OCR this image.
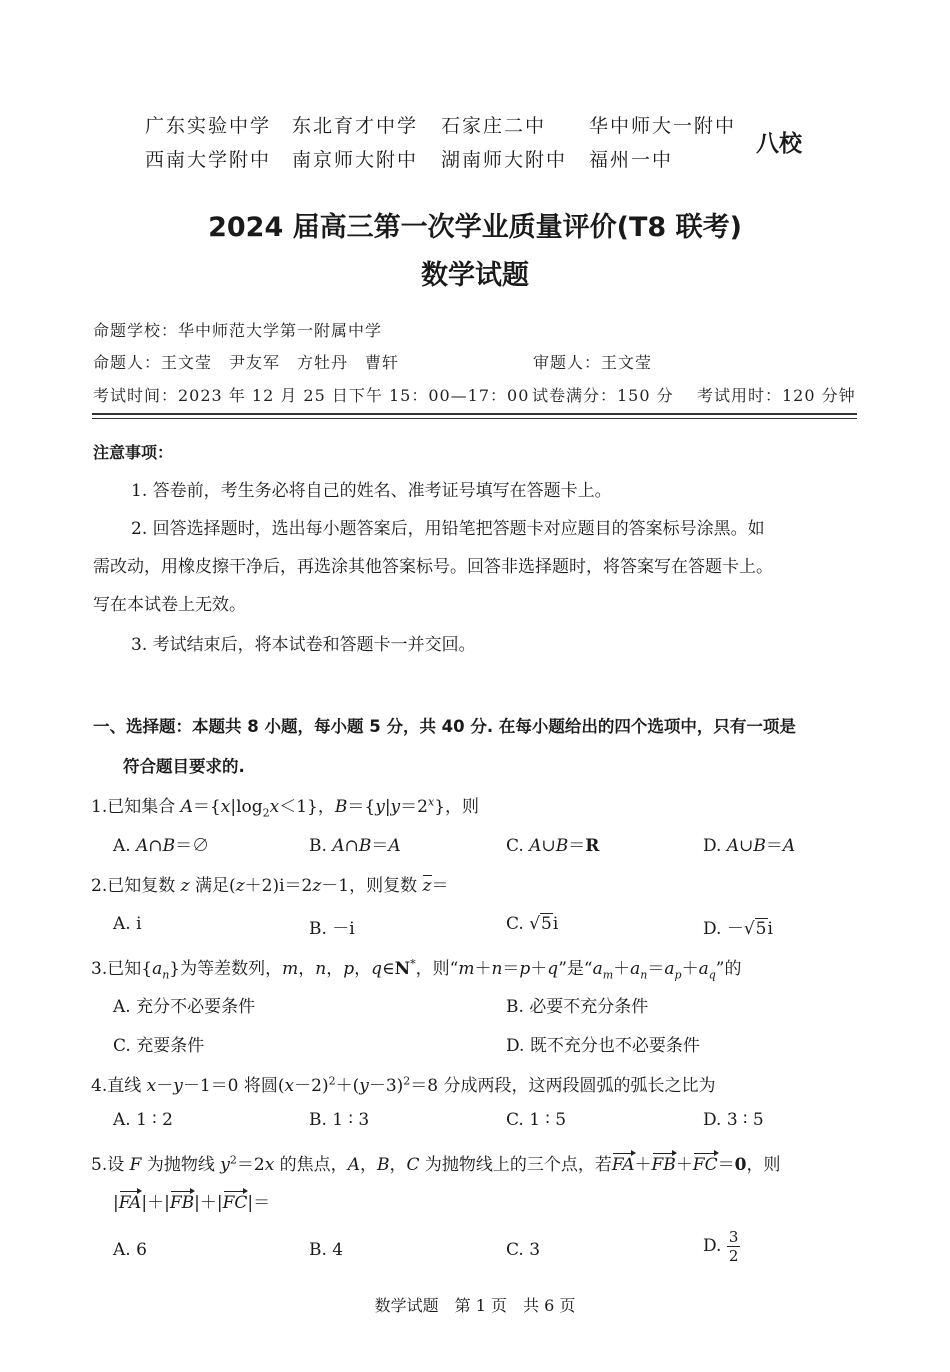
广东实验中学 东北育才中学 石家庄二中 华中师大一附中
西南大学附中 南京师大附中 湖南师大附中 福州一中
八校
2024 届高三第一次学业质量评价(T8 联考)
数学试题
命题学校：华中师范大学第一附属中学
命题人：王文莹　尹友军　方牡丹　曹轩	审题人：王文莹
考试时间：2023 年 12 月 25 日下午 15：00—17：00 试卷满分：150 分 考试用时：120 分钟
注意事项：
1. 答卷前，考生务必将自己的姓名、准考证号填写在答题卡上。
2. 回答选择题时，选出每小题答案后，用铅笔把答题卡对应题目的答案标号涂黑。如
需改动，用橡皮擦干净后，再选涂其他答案标号。回答非选择题时，将答案写在答题卡上。
写在本试卷上无效。
3. 考试结束后，将本试卷和答题卡一并交回。
一、选择题：本题共 8 小题，每小题 5 分，共 40 分. 在每小题给出的四个选项中，只有一项是
符合题目要求的.
1.已知集合 $A=\{x|\log_2x<1\}$，$B=\{y|y=2^x\}$，则
A. A∩B＝∅	B. A∩B＝A	C. A∪B＝R	D. A∪B＝A
2.已知复数 z 满足(z＋2)i＝2z－1，则复数 z＝
A. i	B. －i	C. √5i	D. －√5i
3.已知$\{a_n\}$为等差数列，m，n，p，q∈N*，则“m＋n＝p＋q”是“$a_m+a_n=a_p+a_q$”的
A. 充分不必要条件	B. 必要不充分条件
C. 充要条件	D. 既不充分也不必要条件
4.直线 x－y－1＝0 将圆$(x-2)^2+(y-3)^2=8$ 分成两段，这两段圆弧的弧长之比为
A. 1 ∶ 2	B. 1 ∶ 3	C. 1 ∶ 5	D. 3 ∶ 5
5.设 F 为抛物线 $y^2=2x$ 的焦点，A，B，C 为抛物线上的三个点，若FA＋FB＋FC＝0，则
|FA|＋|FB|＋|FC|＝
A. 6	B. 4	C. 3	D. $\frac{3}{2}$
数学试题　第 1 页　共 6 页
